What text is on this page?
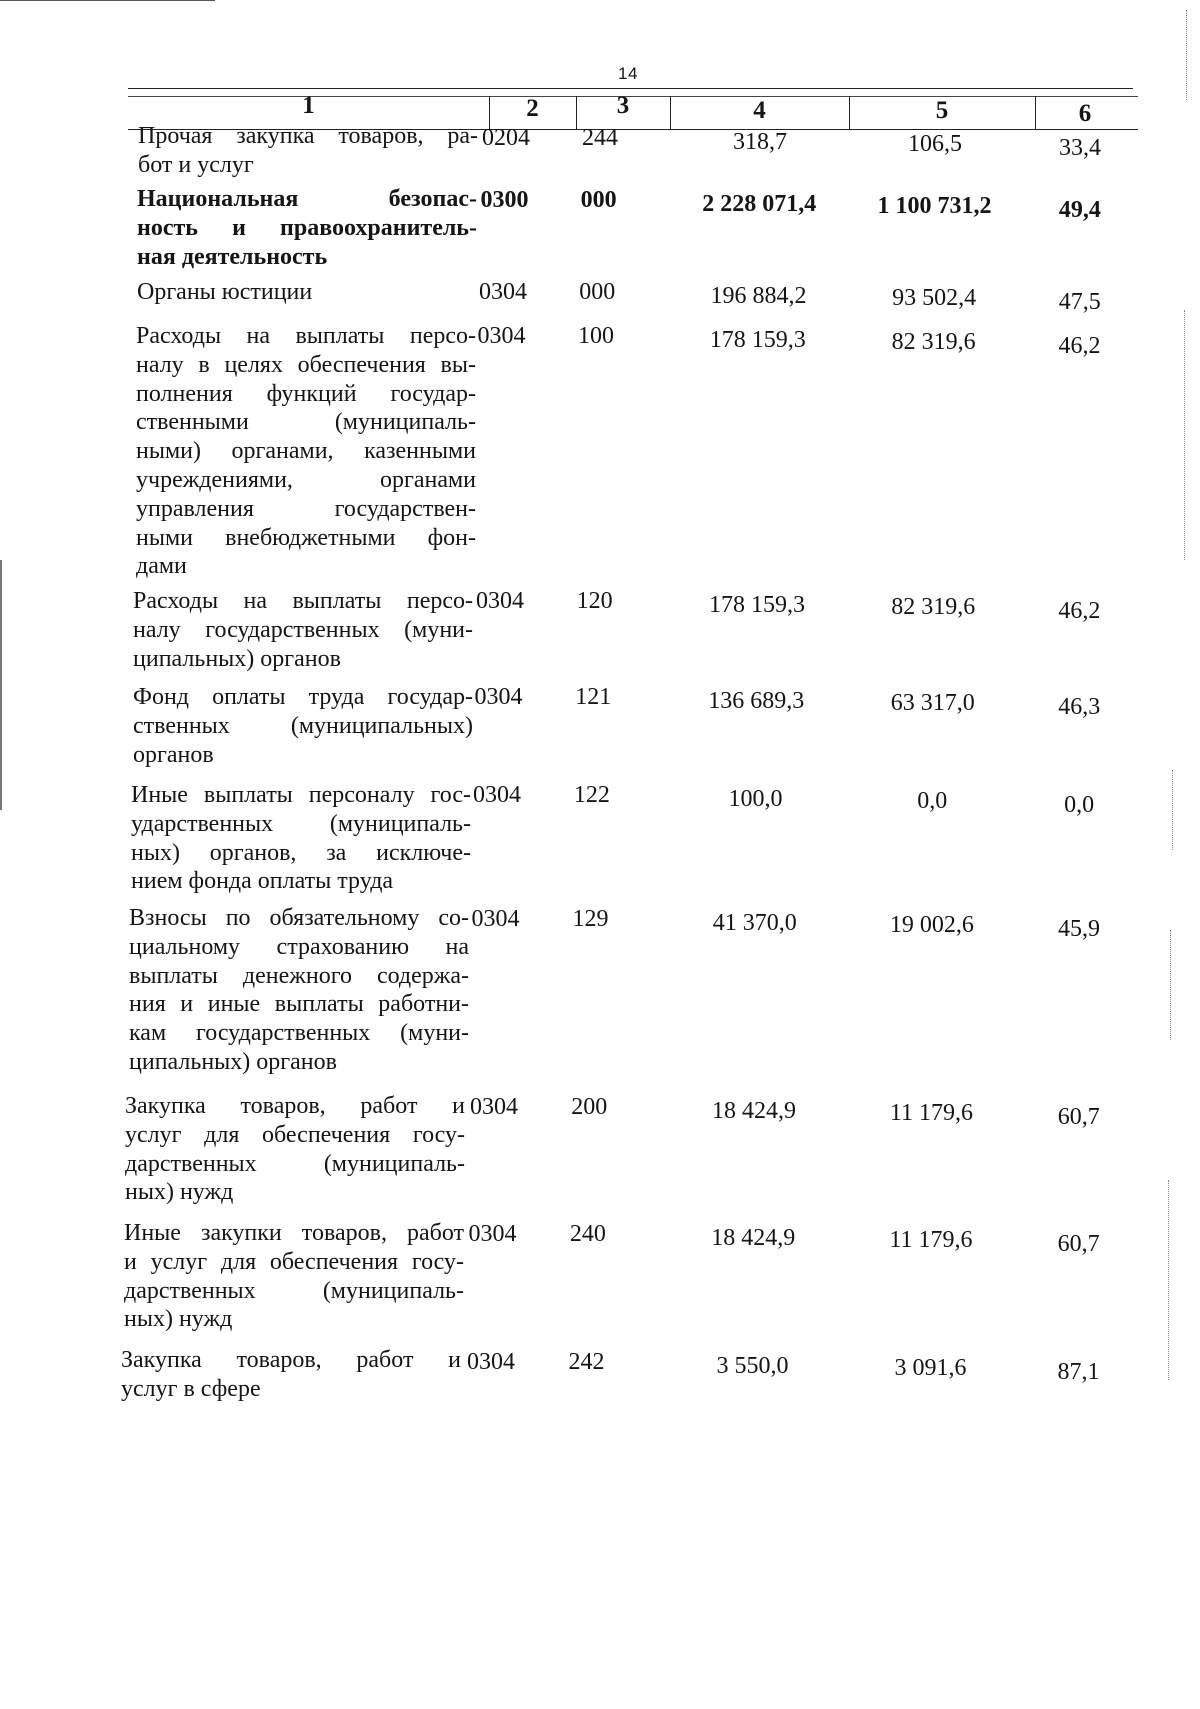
14
1	2	3	4	5	6
Прочая закупка товаров, ра-
бот и услуг
0204 244	318,7	106,5	33,4
Национальная безопас-
ность и правоохранитель-
ная деятельность
0300 000	2 228 071,4	1 100 731,2	49,4
Органы юстиции	0304 000	196 884,2	93 502,4	47,5
Расходы на выплаты персо-
налу в целях обеспечения вы-
полнения функций государ-
ственными (муниципаль-
ными) органами, казенными
учреждениями, органами
управления государствен-
ными внебюджетными фон-
дами
0304 100	178 159,3	82 319,6	46,2
Расходы на выплаты персо-
налу государственных (муни-
ципальных) органов
0304 120	178 159,3	82 319,6	46,2
Фонд оплаты труда государ-
ственных (муниципальных)
органов
0304 121	136 689,3	63 317,0	46,3
Иные выплаты персоналу гос-
ударственных (муниципаль-
ных) органов, за исключе-
нием фонда оплаты труда
0304 122	100,0	0,0	0,0
Взносы по обязательному со-
циальному страхованию на
выплаты денежного содержа-
ния и иные выплаты работни-
кам государственных (муни-
ципальных) органов
0304 129	41 370,0	19 002,6	45,9
Закупка товаров, работ и
услуг для обеспечения госу-
дарственных (муниципаль-
ных) нужд
0304 200	18 424,9	11 179,6	60,7
Иные закупки товаров, работ
и услуг для обеспечения госу-
дарственных (муниципаль-
ных) нужд
0304 240	18 424,9	11 179,6	60,7
Закупка товаров, работ и
услуг в сфере
0304 242	3 550,0	3 091,6	87,1
